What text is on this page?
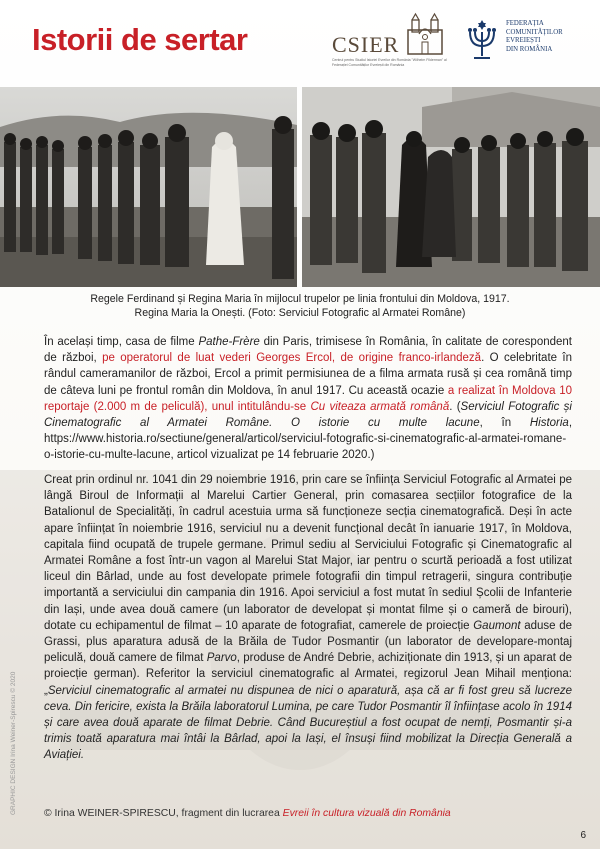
Istorii de sertar	CSIER
Centrul pentru Studiul Istoriei Evreilor din România "Wilhelm Filderman" al Federației Comunităților Evreiești din România
FEDERAȚIA
COMUNITĂȚILOR
EVREIEȘTI
DIN ROMÂNIA
Regele Ferdinand și Regina Maria în mijlocul trupelor pe linia frontului din Moldova, 1917.
Regina Maria la Onești. (Foto: Serviciul Fotografic al Armatei Române)
În același timp, casa de filme Pathe-Frère din Paris, trimisese în România, în calitate de corespondent de război, pe operatorul de luat vederi Georges Ercol, de origine franco-irlandeză. O celebritate în rândul cameramanilor de război, Ercol a primit permisiunea de a filma armata rusă și cea română timp de câteva luni pe frontul român din Moldova, în anul 1917. Cu această ocazie a realizat în Moldova 10 reportaje (2.000 m de peliculă), unul intitulându-se Cu viteaza armată română. (Serviciul Fotografic și Cinematografic al Armatei Române. O istorie cu multe lacune, în Historia, https://www.historia.ro/sectiune/general/articol/serviciul-fotografic-si-cinematografic-al-armatei-romane-o-istorie-cu-multe-lacune, articol vizualizat pe 14 februarie 2020.)
Creat prin ordinul nr. 1041 din 29 noiembrie 1916, prin care se înființa Serviciul Fotografic al Armatei pe lângă Biroul de Informații al Marelui Cartier General, prin comasarea secțiilor fotografice de la Batalionul de Specialități, în cadrul acestuia urma să funcționeze secția cinematografică. Deși în acte apare înființat în noiembrie 1916, serviciul nu a devenit funcțional decât în ianuarie 1917, în Moldova, capitala fiind ocupată de trupele germane. Primul sediu al Serviciului Fotografic și Cinematografic al Armatei Române a fost într-un vagon al Marelui Stat Major, iar pentru o scurtă perioadă a fost utilizat liceul din Bârlad, unde au fost developate primele fotografii din timpul retragerii, singura contribuție importantă a serviciului din campania din 1916. Apoi serviciul a fost mutat în sediul Școlii de Infanterie din Iași, unde avea două camere (un laborator de developat și montat filme și o cameră de birouri), dotate cu echipamentul de filmat – 10 aparate de fotografiat, camerele de proiecție Gaumont aduse de Grassi, plus aparatura adusă de la Brăila de Tudor Posmantir (un laborator de developare-montaj peliculă, două camere de filmat Parvo, produse de André Debrie, achiziționate din 1913, și un aparat de proiecție german). Referitor la serviciul cinematografic al Armatei, regizorul Jean Mihail menționa: „Serviciul cinematografic al armatei nu dispunea de nici o aparatură, așa că ar fi fost greu să lucreze ceva. Din fericire, exista la Brăila laboratorul Lumina, pe care Tudor Posmantir îl înființase acolo în 1914 și care avea două aparate de filmat Debrie. Când Bucureștiul a fost ocupat de nemți, Posmantir și-a trimis toată aparatura mai întâi la Bârlad, apoi la Iași, el însuși fiind mobilizat la Direcția Generală a Aviației.
© Irina WEINER-SPIRESCU, fragment din lucrarea Evreii în cultura vizuală din România
GRAPHIC DESIGN Irina Weiner-Spirescu © 2020
6
